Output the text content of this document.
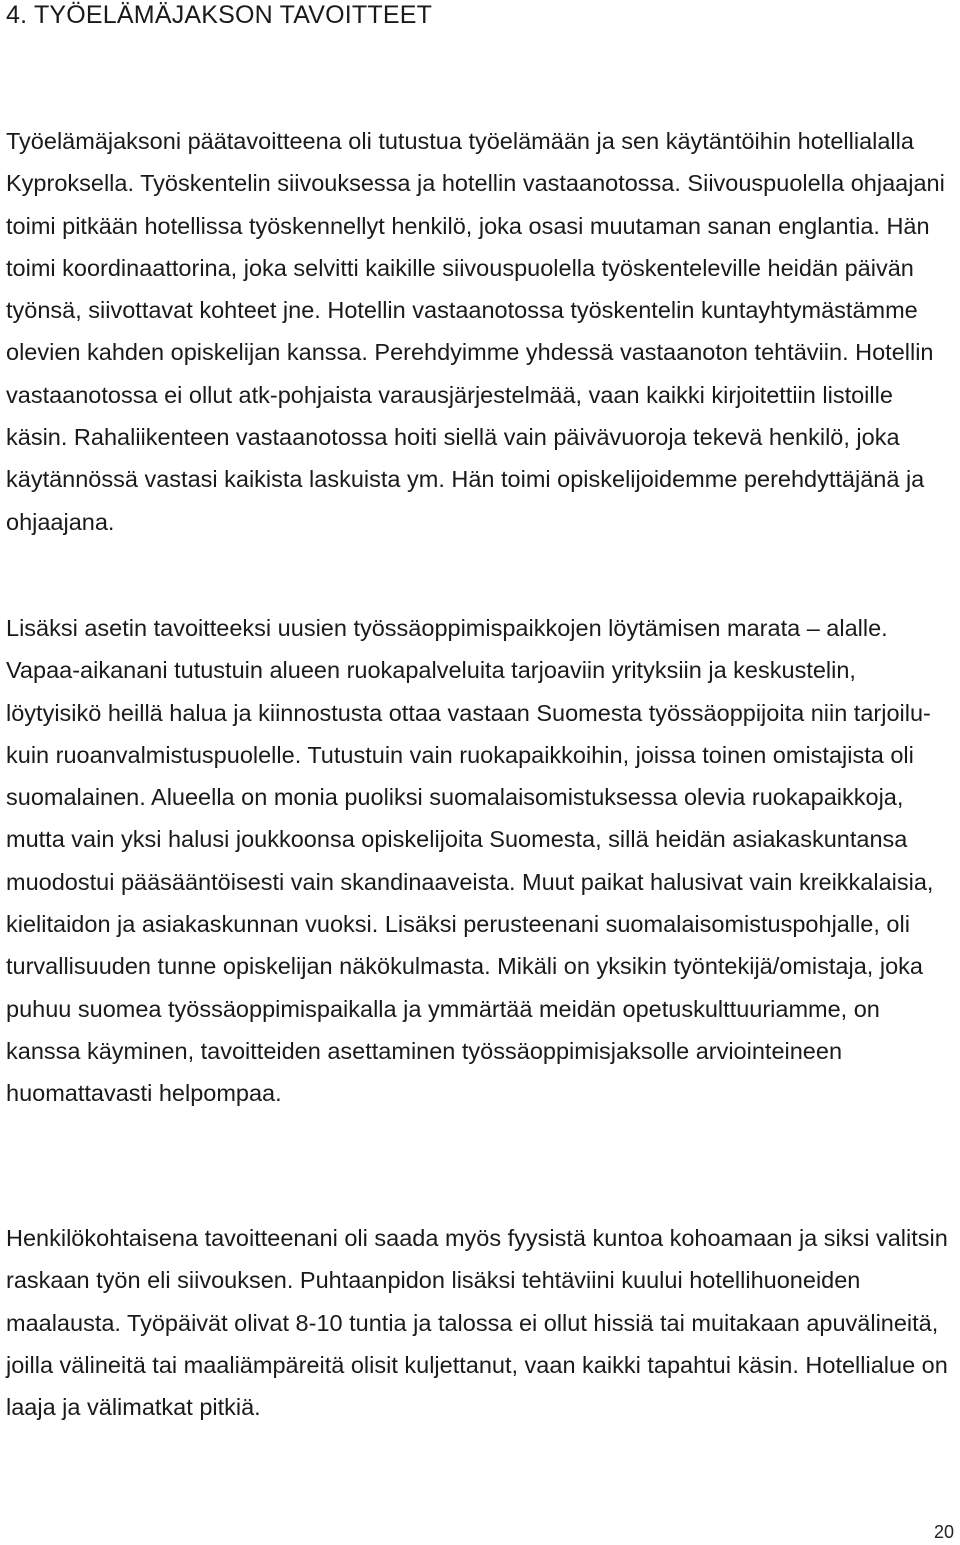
4. TYÖELÄMÄJAKSON TAVOITTEET

Työelämäjaksoni päätavoitteena oli tutustua työelämään ja sen käytäntöihin hotellialalla Kyproksella. Työskentelin siivouksessa ja hotellin vastaanotossa. Siivouspuolella ohjaajani toimi pitkään hotellissa työskennellyt henkilö, joka osasi muutaman sanan englantia. Hän toimi koordinaattorina, joka selvitti kaikille siivouspuolella työskenteleville heidän päivän työnsä, siivottavat kohteet jne. Hotellin vastaanotossa työskentelin kuntayhtymästämme olevien kahden opiskelijan kanssa. Perehdyimme yhdessä vastaanoton tehtäviin. Hotellin vastaanotossa ei ollut atk-pohjaista varausjärjestelmää, vaan kaikki kirjoitettiin listoille käsin. Rahaliikenteen vastaanotossa hoiti siellä vain päivävuoroja tekevä henkilö, joka käytännössä vastasi kaikista laskuista ym. Hän toimi opiskelijoidemme perehdyttäjänä ja ohjaajana.

Lisäksi asetin tavoitteeksi uusien työssäoppimispaikkojen löytämisen marata – alalle. Vapaa-aikanani tutustuin alueen ruokapalveluita tarjoaviin yrityksiin ja keskustelin, löytyisikö heillä halua ja kiinnostusta ottaa vastaan Suomesta työssäoppijoita niin tarjoilu- kuin ruoanvalmistuspuolelle. Tutustuin vain ruokapaikkoihin, joissa toinen omistajista oli suomalainen. Alueella on monia puoliksi suomalaisomistuksessa olevia ruokapaikkoja, mutta vain yksi halusi joukkoonsa opiskelijoita Suomesta, sillä heidän asiakaskuntansa muodostui pääsääntöisesti vain skandinaaveista. Muut paikat halusivat vain kreikkalaisia, kielitaidon ja asiakaskunnan vuoksi. Lisäksi perusteenani suomalaisomistuspohjalle, oli turvallisuuden tunne opiskelijan näkökulmasta. Mikäli on yksikin työntekijä/omistaja, joka puhuu suomea työssäoppimispaikalla ja ymmärtää meidän opetuskulttuuriamme, on kanssa käyminen, tavoitteiden asettaminen työssäoppimisjaksolle arviointeineen huomattavasti helpompaa.

Henkilökohtaisena tavoitteenani oli saada myös fyysistä kuntoa kohoamaan ja siksi valitsin raskaan työn eli siivouksen. Puhtaanpidon lisäksi tehtäviini kuului hotellihuoneiden maalausta. Työpäivät olivat 8-10 tuntia ja talossa ei ollut hissiä tai muitakaan apuvälineitä, joilla välineitä tai maaliämpäreitä olisit kuljettanut, vaan kaikki tapahtui käsin. Hotellialue on laaja ja välimatkat pitkiä.

20
